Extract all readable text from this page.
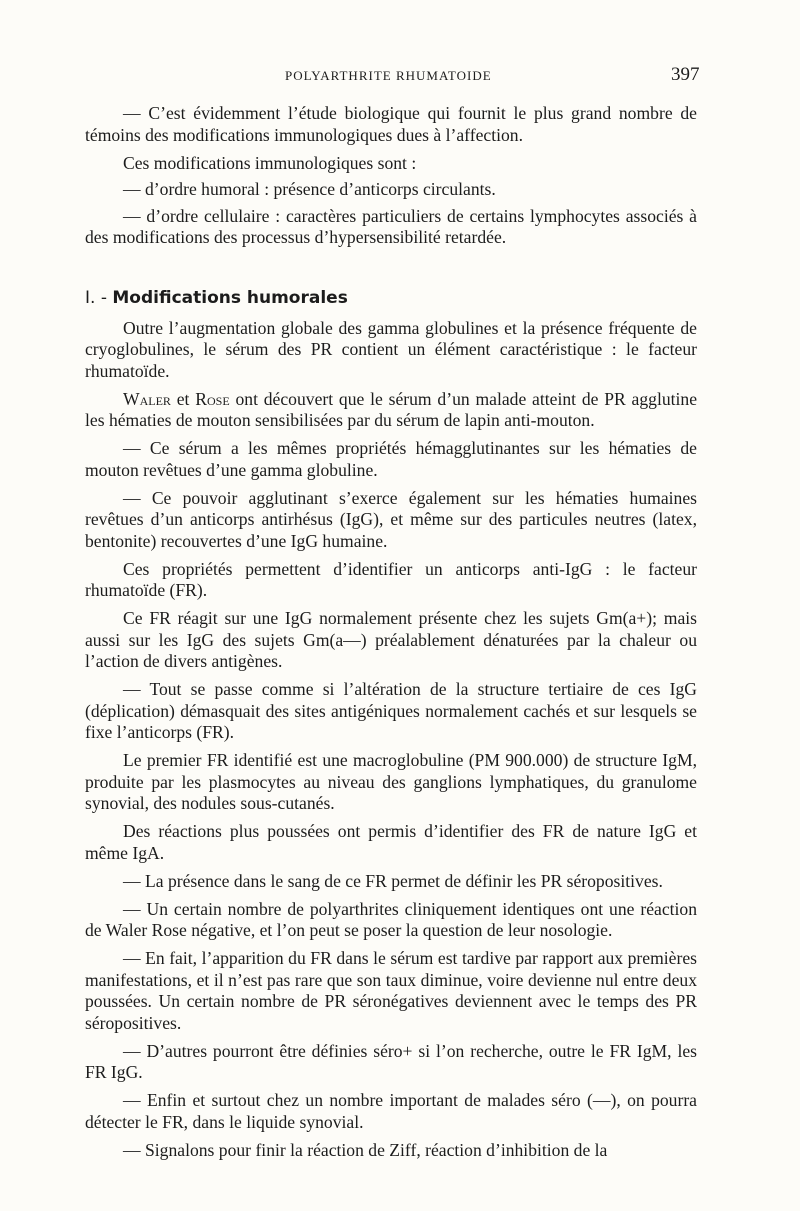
POLYARTHRITE RHUMATOIDE	397

— C’est évidemment l’étude biologique qui fournit le plus grand nombre de témoins des modifications immunologiques dues à l’affection.

Ces modifications immunologiques sont :

— d’ordre humoral : présence d’anticorps circulants.

— d’ordre cellulaire : caractères particuliers de certains lymphocytes associés à des modifications des processus d’hypersensibilité retardée.

I. - Modifications humorales

Outre l’augmentation globale des gamma globulines et la présence fréquente de cryoglobulines, le sérum des PR contient un élément caractéristique : le facteur rhumatoïde.

Waler et Rose ont découvert que le sérum d’un malade atteint de PR agglutine les hématies de mouton sensibilisées par du sérum de lapin anti-mouton.

— Ce sérum a les mêmes propriétés hémagglutinantes sur les hématies de mouton revêtues d’une gamma globuline.

— Ce pouvoir agglutinant s’exerce également sur les hématies humaines revêtues d’un anticorps antirhésus (IgG), et même sur des particules neutres (latex, bentonite) recouvertes d’une IgG humaine.

Ces propriétés permettent d’identifier un anticorps anti-IgG : le facteur rhumatoïde (FR).

Ce FR réagit sur une IgG normalement présente chez les sujets Gm(a+); mais aussi sur les IgG des sujets Gm(a—) préalablement dénaturées par la chaleur ou l’action de divers antigènes.

— Tout se passe comme si l’altération de la structure tertiaire de ces IgG (déplication) démasquait des sites antigéniques normalement cachés et sur lesquels se fixe l’anticorps (FR).

Le premier FR identifié est une macroglobuline (PM 900.000) de structure IgM, produite par les plasmocytes au niveau des ganglions lymphatiques, du granulome synovial, des nodules sous-cutanés.

Des réactions plus poussées ont permis d’identifier des FR de nature IgG et même IgA.

— La présence dans le sang de ce FR permet de définir les PR séropositives.

— Un certain nombre de polyarthrites cliniquement identiques ont une réaction de Waler Rose négative, et l’on peut se poser la question de leur nosologie.

— En fait, l’apparition du FR dans le sérum est tardive par rapport aux premières manifestations, et il n’est pas rare que son taux diminue, voire devienne nul entre deux poussées. Un certain nombre de PR séronégatives deviennent avec le temps des PR séropositives.

— D’autres pourront être définies séro+ si l’on recherche, outre le FR IgM, les FR IgG.

— Enfin et surtout chez un nombre important de malades séro (—), on pourra détecter le FR, dans le liquide synovial.

— Signalons pour finir la réaction de Ziff, réaction d’inhibition de la
